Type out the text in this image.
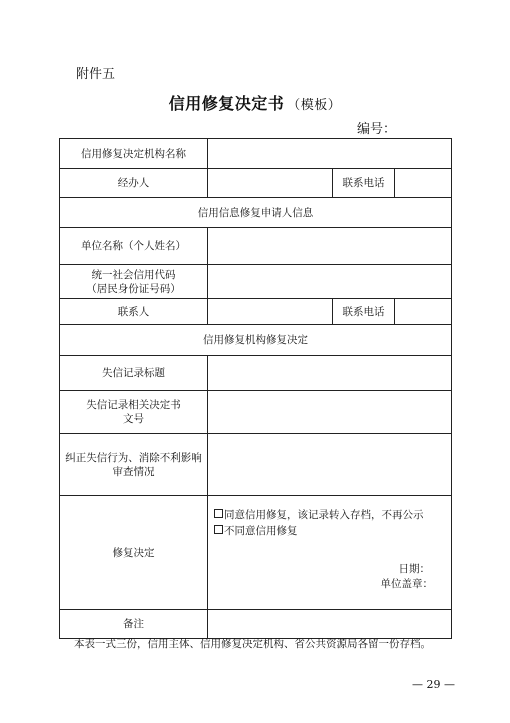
附件五
信用修复决定书 （模板）
编号：
信用修复决定机构名称			
经办人		联系电话	
信用信息修复申请人信息			
单位名称（个人姓名）			

统一社会信用代码
（居民身份证号码）			

联系人		联系电话	
信用修复机构修复决定			
失信记录标题			

失信记录相关决定书
文号			

纠正失信行为、消除不利影响
审查情况			

修复决定	同意信用修复，该记录转入存档，不再公示
不同意信用修复
日期：
单位盖章：		

备注			
本表一式三份，信用主体、信用修复决定机构、省公共资源局各留一份存档。
— 29 —
